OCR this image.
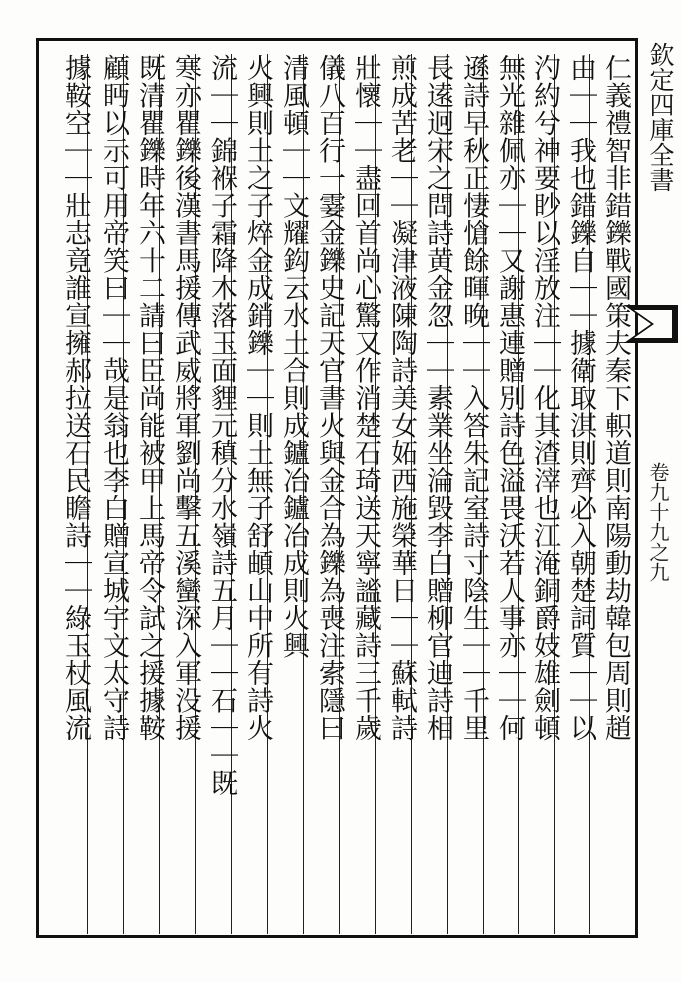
欽定四庫全書
卷九十九之九
仁義禮智非錯鑠戰國策夫秦下軹道則南陽動劫韓包周則趙
由｜｜我也錯鑠自｜｜據衛取淇則齊必入朝楚詞質｜｜以
汋約兮神要眇以淫放注｜｜化其渣滓也江淹銅爵妓雄劍頓
無光雜佩亦｜｜又謝惠連贈別詩色溢畏沃若人事亦｜｜何
遜詩早秋正悽愴餘暉晚｜｜入答朱記室詩寸陰生｜｜千里
長逺迥宋之問詩黄金忽｜｜素業坐淪毀李白贈柳官迪詩相
煎成苦老｜｜凝津液陳陶詩美女妬西施榮華日｜｜蘇軾詩
壯懷｜｜盡回首尚心驚又作消楚石琦送天寧謐藏詩三千歲
儀八百行一霎金鑠史記天官書火與金合為鑠為喪注索隱曰
清風頓｜｜文耀鈎云水土合則成鑪冶鑪冶成則火興
火興則土之子焠金成銷鑠｜｜則土無子舒頔山中所有詩火
流｜｜錦褓子霜降木落玉面貍元稹分水嶺詩五月｜｜石｜｜既
寒亦瞿鑠後漢書馬援傳武威將軍劉尚擊五溪蠻深入軍没援
既清瞿鑠時年六十二請曰臣尚能被甲上馬帝令試之援據鞍
顧眄以示可用帝笑曰｜｜哉是翁也李白贈宣城宇文太守詩
據鞍空｜｜壯志竟誰宣擁郝拉送石民瞻詩｜｜綠玉杖風流
